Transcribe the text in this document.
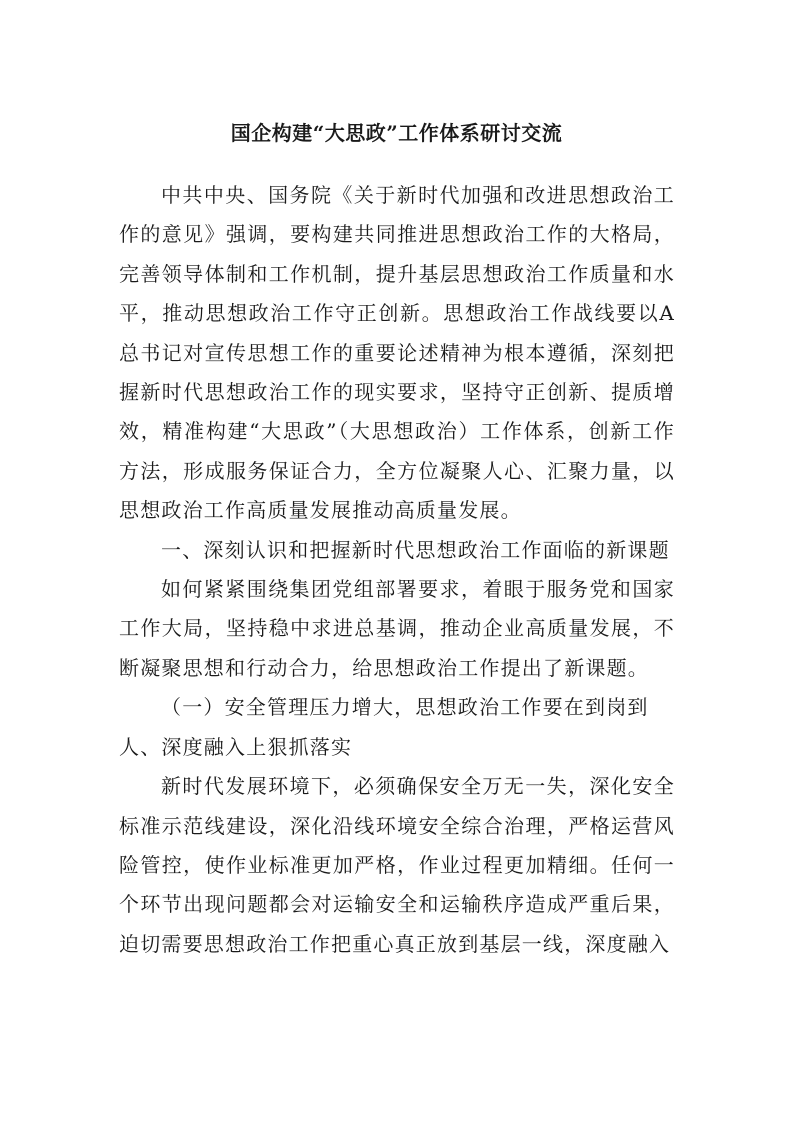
国企构建“大思政”工作体系研讨交流

中共中央、国务院《关于新时代加强和改进思想政治工作的意见》强调，要构建共同推进思想政治工作的大格局，完善领导体制和工作机制，提升基层思想政治工作质量和水平，推动思想政治工作守正创新。思想政治工作战线要以A总书记对宣传思想工作的重要论述精神为根本遵循，深刻把握新时代思想政治工作的现实要求，坚持守正创新、提质增效，精准构建“大思政”（大思想政治）工作体系，创新工作方法，形成服务保证合力，全方位凝聚人心、汇聚力量，以思想政治工作高质量发展推动高质量发展。

一、深刻认识和把握新时代思想政治工作面临的新课题

如何紧紧围绕集团党组部署要求，着眼于服务党和国家工作大局，坚持稳中求进总基调，推动企业高质量发展，不断凝聚思想和行动合力，给思想政治工作提出了新课题。

（一）安全管理压力增大，思想政治工作要在到岗到人、深度融入上狠抓落实

新时代发展环境下，必须确保安全万无一失，深化安全标准示范线建设，深化沿线环境安全综合治理，严格运营风险管控，使作业标准更加严格，作业过程更加精细。任何一个环节出现问题都会对运输安全和运输秩序造成严重后果，迫切需要思想政治工作把重心真正放到基层一线，深度融入
